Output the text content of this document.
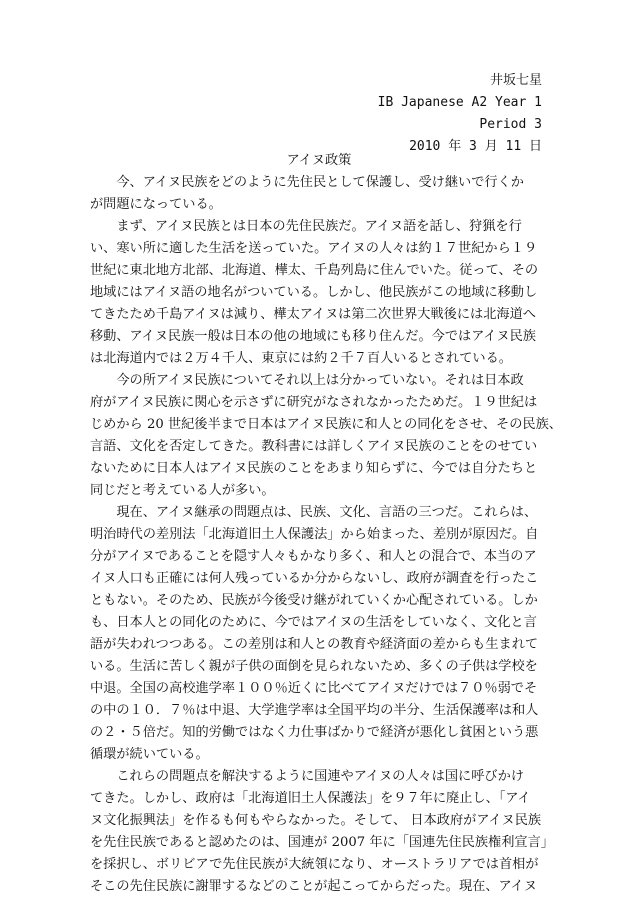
井坂七星
IB Japanese A2 Year 1
Period 3
2010 年 3 月 11 日
アイヌ政策
　　今、アイヌ民族をどのように先住民として保護し、受け継いで行くか
が問題になっている。
　　まず、アイヌ民族とは日本の先住民族だ。アイヌ語を話し、狩猟を行
い、寒い所に適した生活を送っていた。アイヌの人々は約１７世紀から１９
世紀に東北地方北部、北海道、樺太、千島列島に住んでいた。従って、その
地域にはアイヌ語の地名がついている。しかし、他民族がこの地域に移動し
てきたため千島アイヌは減り、樺太アイヌは第二次世界大戦後には北海道へ
移動、アイヌ民族一般は日本の他の地域にも移り住んだ。今ではアイヌ民族
は北海道内では２万４千人、東京には約２千７百人いるとされている。
　　今の所アイヌ民族についてそれ以上は分かっていない。それは日本政
府がアイヌ民族に関心を示さずに研究がなされなかったためだ。１９世紀は
じめから 20 世紀後半まで日本はアイヌ民族に和人との同化をさせ、その民族、
言語、文化を否定してきた。教科書には詳しくアイヌ民族のことをのせてい
ないために日本人はアイヌ民族のことをあまり知らずに、今では自分たちと
同じだと考えている人が多い。
　　現在、アイヌ継承の問題点は、民族、文化、言語の三つだ。これらは、
明治時代の差別法「北海道旧土人保護法」から始まった、差別が原因だ。自
分がアイヌであることを隠す人々もかなり多く、和人との混合で、本当のア
イヌ人口も正確には何人残っているか分からないし、政府が調査を行ったこ
ともない。そのため、民族が今後受け継がれていくか心配されている。しか
も、日本人との同化のために、今ではアイヌの生活をしていなく、文化と言
語が失われつつある。この差別は和人との教育や経済面の差からも生まれて
いる。生活に苦しく親が子供の面倒を見られないため、多くの子供は学校を
中退。全国の高校進学率１００％近くに比べてアイヌだけでは７０％弱でそ
の中の１０．７％は中退、大学進学率は全国平均の半分、生活保護率は和人
の２・５倍だ。知的労働ではなく力仕事ばかりで経済が悪化し貧困という悪
循環が続いている。
　　これらの問題点を解決するように国連やアイヌの人々は国に呼びかけ
てきた。しかし、政府は「北海道旧土人保護法」を９７年に廃止し、「アイ
ヌ文化振興法」を作るも何もやらなかった。そして、 日本政府がアイヌ民族
を先住民族であると認めたのは、国連が 2007 年に「国連先住民族権利宣言」
を採択し、ボリビアで先住民族が大統領になり、オーストラリアでは首相が
そこの先住民族に謝罪するなどのことが起こってからだった。現在、アイヌ
